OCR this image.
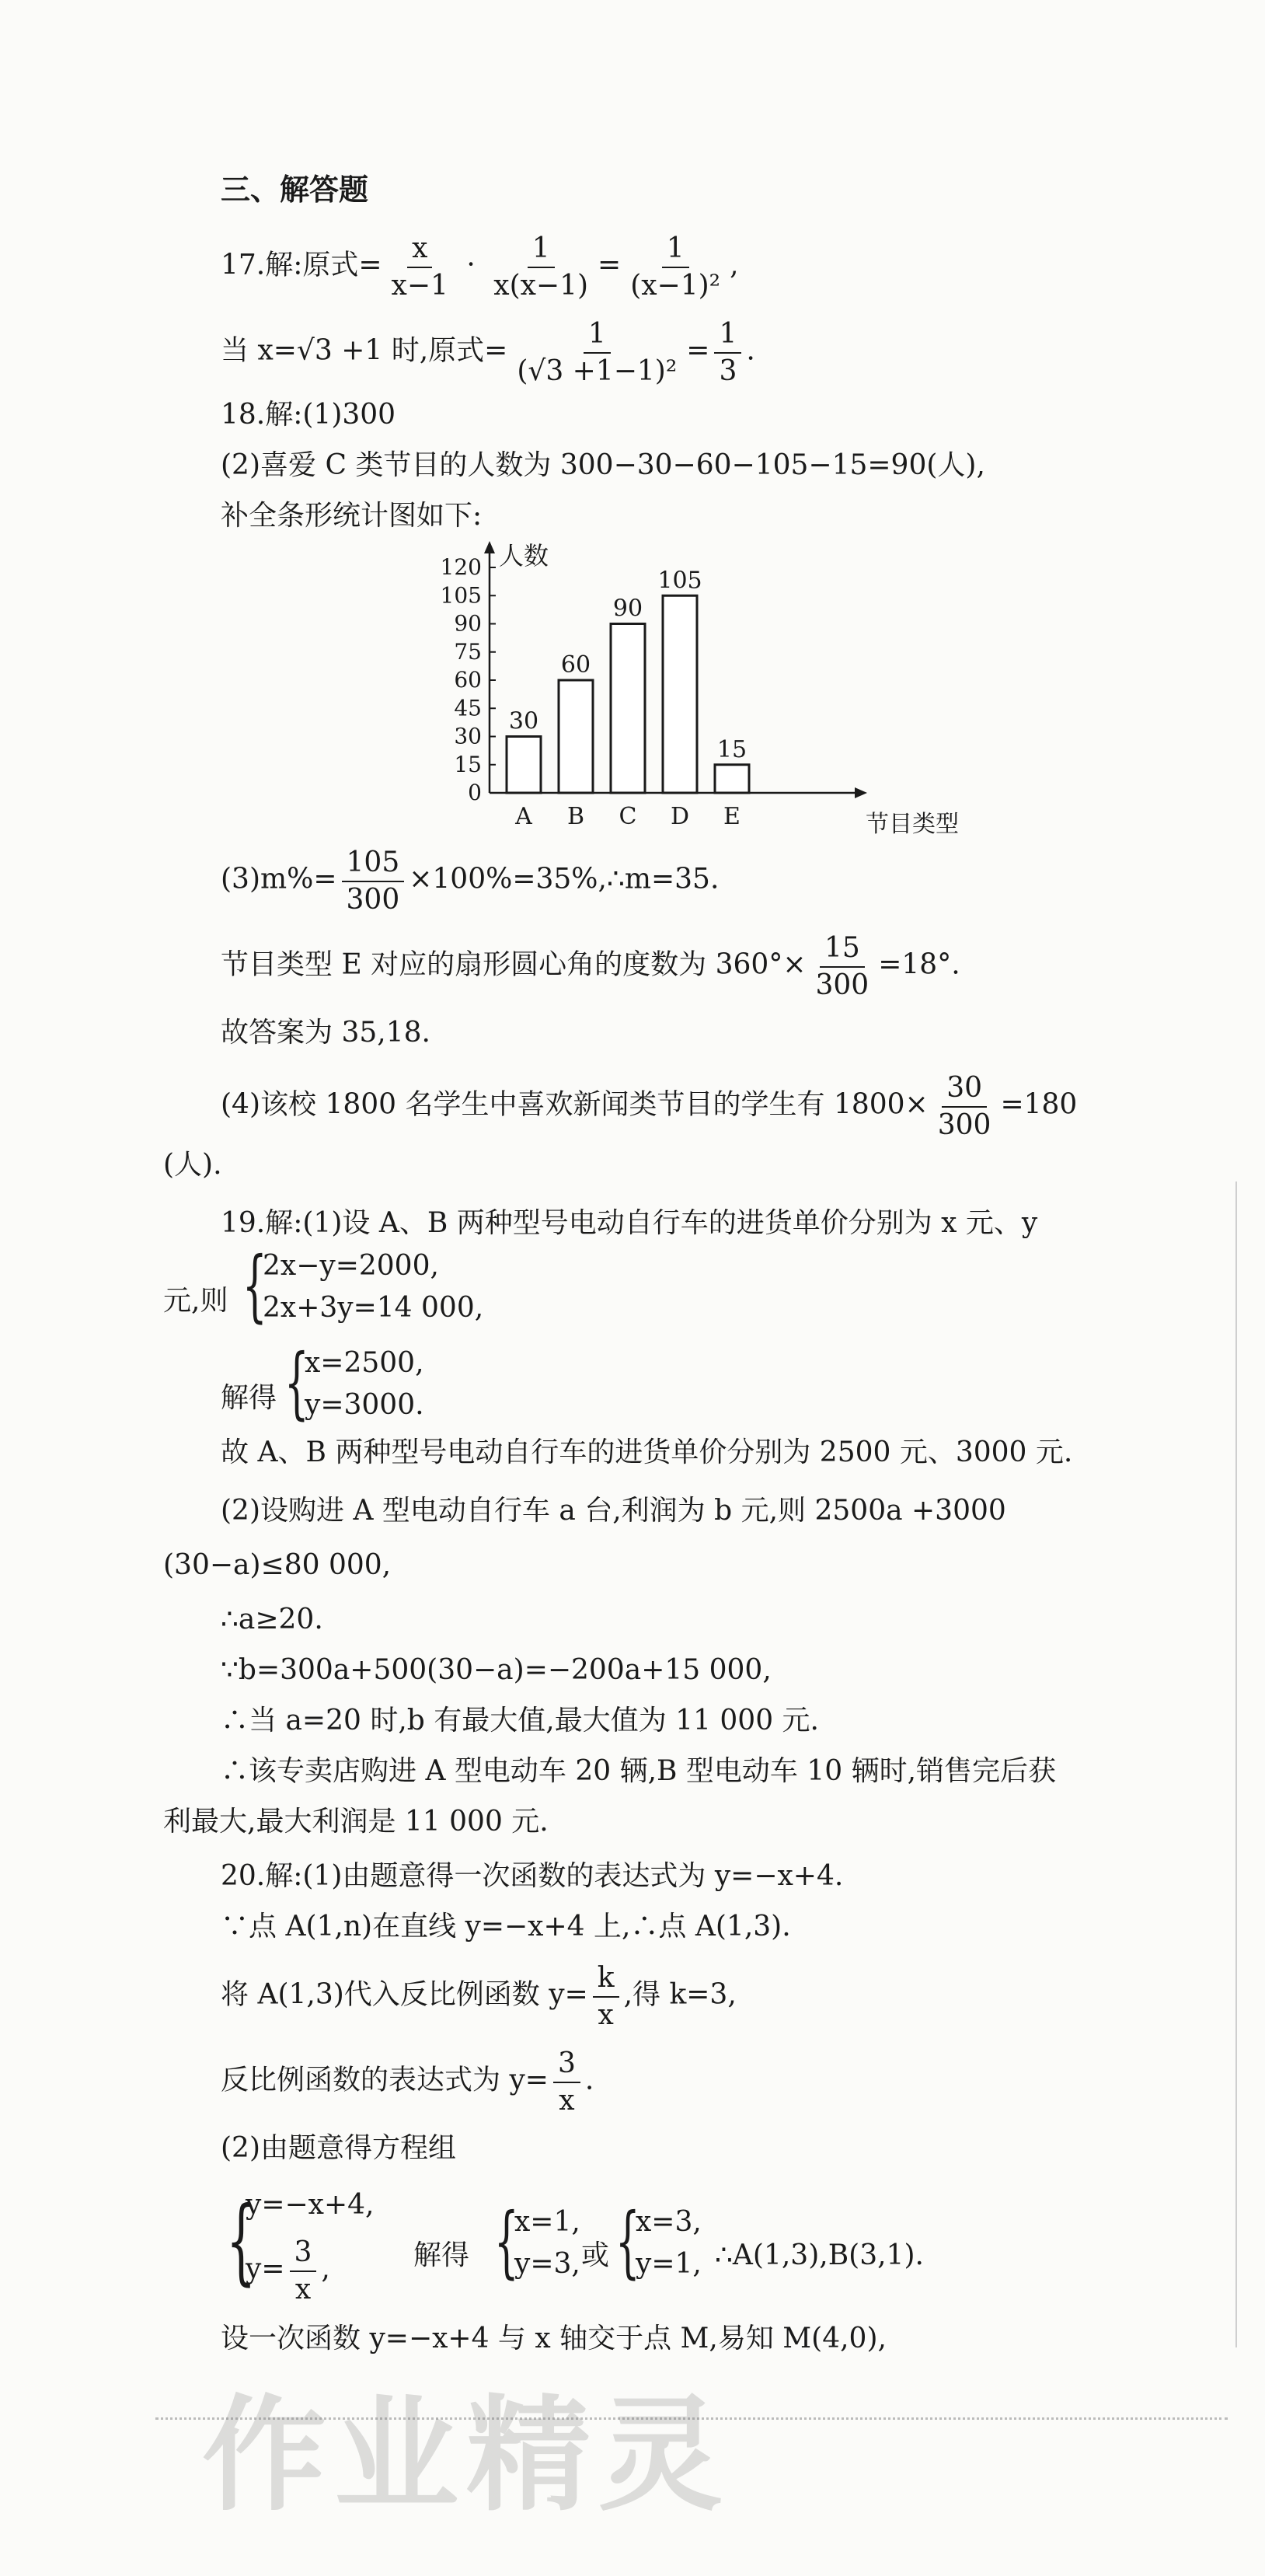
三、解答题
17.解:原式= $\frac{x}{x-1} \cdot \frac{1}{x(x-1)} = \frac{1}{\text{(x−1)²}}$ ,
当 x=√3 +1 时,原式= $\frac{1}{\text{(√3 +1−1)²}} = \frac{1}{3}$ .
18.解:(1)300
(2)喜爱 C 类节目的人数为 300−30−60−105−15=90(人),
补全条形统计图如下:
0
15
30
45
60
75
90
105
120 人数
节目类型
30
A
60
B
90
C
105
D
15
E
$(3)m\%= \frac{105}{300}$ ×100%=35%,∴m=35.
节目类型 E 对应的扇形圆心角的度数为 $360^\circ\times \frac{15}{300} =18^\circ$.
故答案为 35,18.
(4)该校 1800 名学生中喜欢新闻类节目的学生有 $1800\times \frac{30}{300} =180$
(人).
19.解:(1)设 A、B 两种型号电动自行车的进货单价分别为 x 元、y
元,则 {
2x−y=2000,
2x+3y=14 000,
解得 {
x=2500,
y=3000.
故 A、B 两种型号电动自行车的进货单价分别为 2500 元、3000 元.
(2)设购进 A 型电动自行车 a 台,利润为 b 元,则 2500a +3000
(30−a)≤80 000,
∴a≥20.
∵b=300a+500(30−a)=−200a+15 000,
∴当 a=20 时,b 有最大值,最大值为 11 000 元.
∴该专卖店购进 A 型电动车 20 辆,B 型电动车 10 辆时,销售完后获
利最大,最大利润是 11 000 元.
20.解:(1)由题意得一次函数的表达式为 y=−x+4.
∵点 A(1,n)在直线 y=−x+4 上,∴点 A(1,3).
将 A(1,3)代入反比例函数 $y= \frac{k}{x}$ ,得 k=3,
反比例函数的表达式为 $y= \frac{3}{x}$ .
(2)由题意得方程组
{
y=−x+4,
$y= \frac{3}{x}$ ,	解得 {
x=1,
y=3, 或 {
x=3,
y=1, ∴A(1,3),B(3,1).
设一次函数 y=−x+4 与 x 轴交于点 M,易知 M(4,0),
作业精灵
